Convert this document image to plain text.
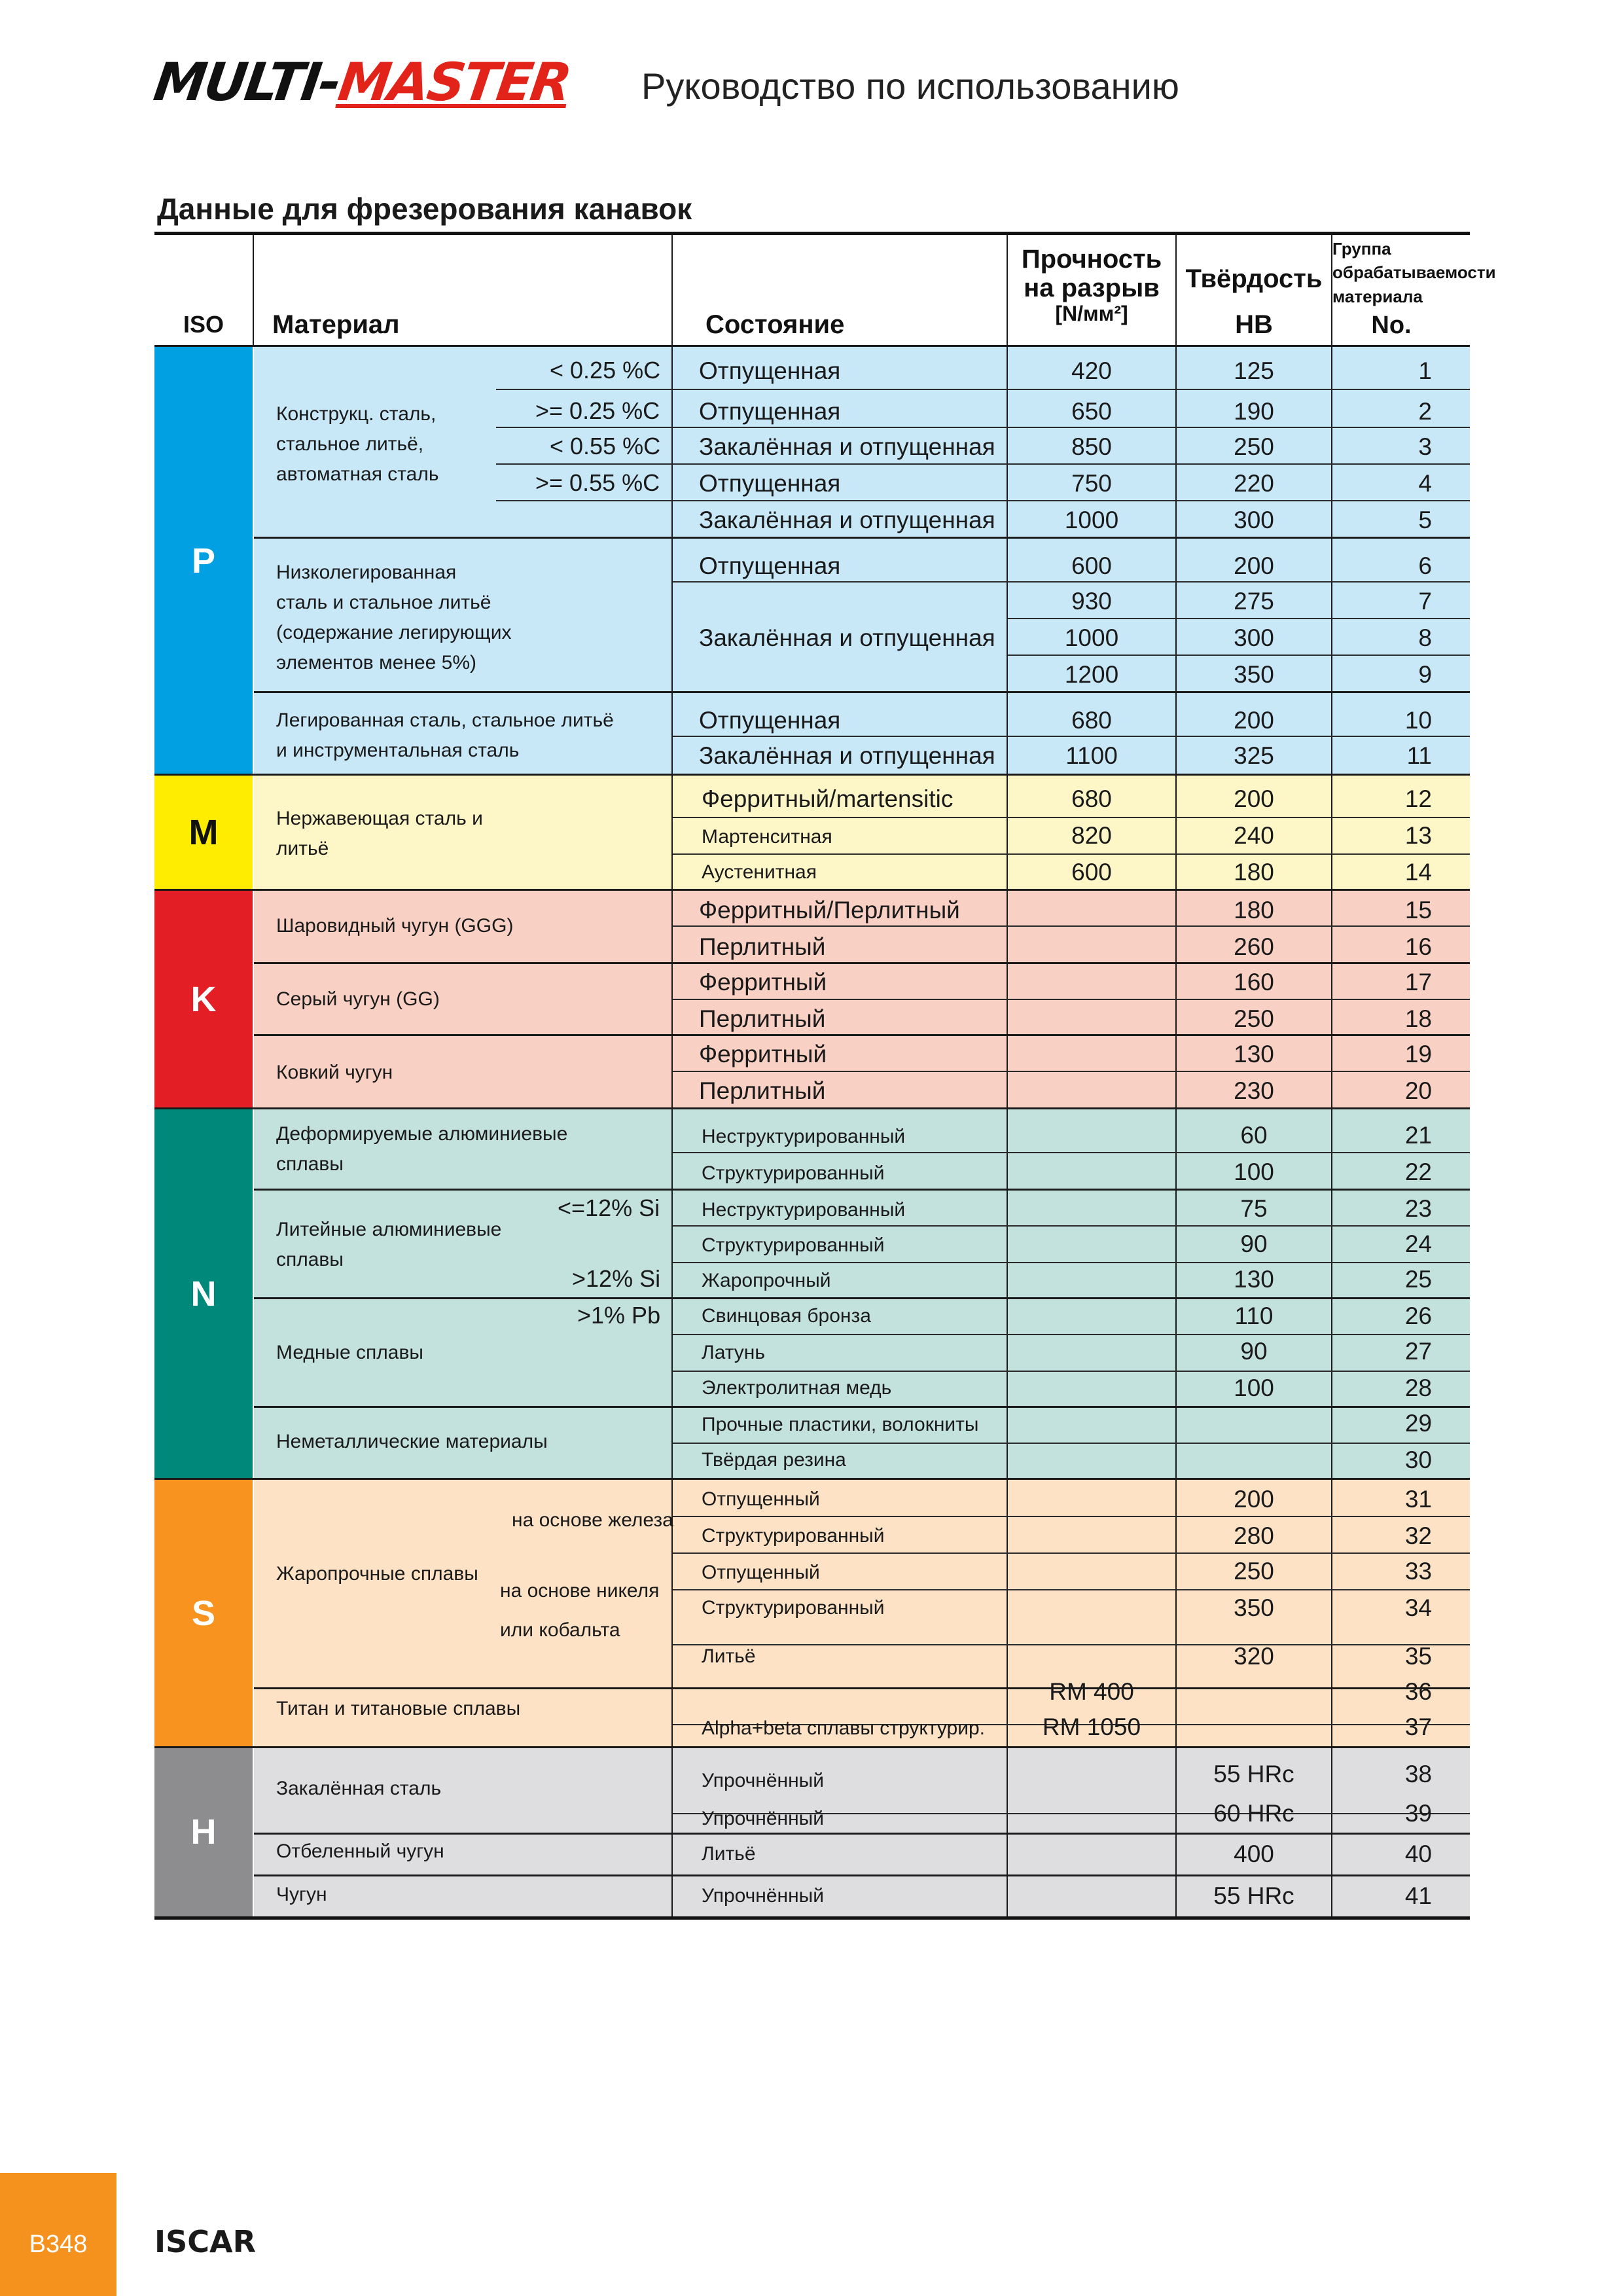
MULTI-MASTER Руководство по использованию
Данные для фрезерования канавок
ISO	Материал	Состояние
Прочность
на разрыв
[N/мм²]
Твёрдость
HB
Группа
обрабатываемости
материала
No.
P
M
K
N
S
H
Конструкц. сталь,
стальное литьё,
автоматная сталь
Низколегированная
сталь и стальное литьё
(содержание легирующих
элементов менее 5%)
Легированная сталь, стальное литьё
и инструментальная сталь
Нержавеющая сталь и
литьё
Шаровидный чугун (GGG)
Серый чугун (GG)
Ковкий чугун
Деформируемые алюминиевые
сплавы
Литейные алюминиевые
сплавы
Медные сплавы
Неметаллические материалы
Жаропрочные сплавы
Титан и титановые сплавы
Закалённая сталь
Отбеленный чугун
Чугун
< 0.25 %C
>= 0.25 %C
< 0.55 %C
>= 0.55 %C
<=12% Si
>12% Si
>1% Pb
на основе железа
на основе никеля
или кобальта
Отпущенная
Отпущенная
Закалённая и отпущенная
Отпущенная
Закалённая и отпущенная
Отпущенная
Закалённая и отпущенная
Отпущенная
Закалённая и отпущенная
Ферритный/martensitic
Мартенситная
Аустенитная
Ферритный/Перлитный
Перлитный
Ферритный
Перлитный
Ферритный
Перлитный
Неструктурированный
Структурированный
Неструктурированный
Структурированный
Жаропрочный
Свинцовая бронза
Латунь
Электролитная медь
Прочные пластики, волокниты
Твёрдая резина
Отпущенный
Структурированный
Отпущенный
Структурированный
Литьё
Alpha+beta сплавы структурир.
Упрочнённый
Упрочнённый
Литьё
Упрочнённый
420
650
850
750
1000
600
930
1000
1200
680
1100
680
820
600
RM 400
RM 1050
125
190
250
220
300
200
275
300
350
200
325
200
240
180
180
260
160
250
130
230
60
100
75
90
130
110
90
100
200
280
250
350
320
55 HRc
60 HRc
400
55 HRc
1
2
3
4
5
6
7
8
9
10
11
12
13
14
15
16
17
18
19
20
21
22
23
24
25
26
27
28
29
30
31
32
33
34
35
36
37
38
39
40
41
B348 ISCAR
